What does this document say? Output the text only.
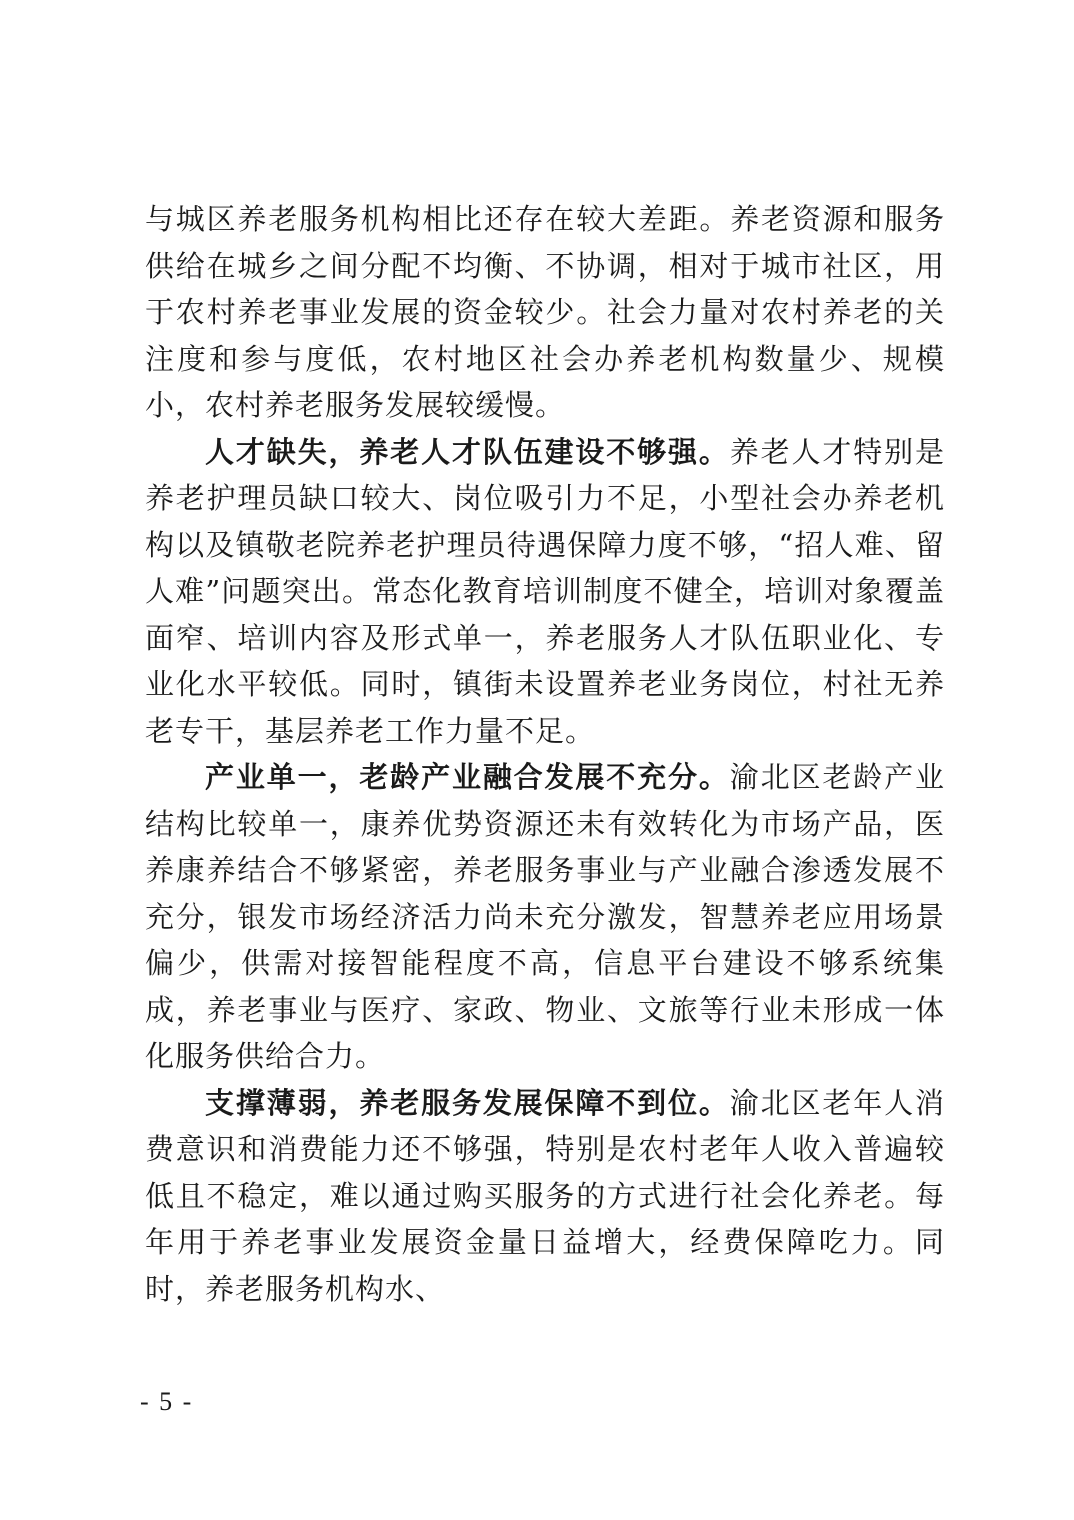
与城区养老服务机构相比还存在较大差距。养老资源和服务供给在城乡之间分配不均衡、不协调，相对于城市社区，用于农村养老事业发展的资金较少。社会力量对农村养老的关注度和参与度低，农村地区社会办养老机构数量少、规模小，农村养老服务发展较缓慢。

人才缺失，养老人才队伍建设不够强。养老人才特别是养老护理员缺口较大、岗位吸引力不足，小型社会办养老机构以及镇敬老院养老护理员待遇保障力度不够，“招人难、留人难”问题突出。常态化教育培训制度不健全，培训对象覆盖面窄、培训内容及形式单一，养老服务人才队伍职业化、专业化水平较低。同时，镇街未设置养老业务岗位，村社无养老专干，基层养老工作力量不足。

产业单一，老龄产业融合发展不充分。渝北区老龄产业结构比较单一，康养优势资源还未有效转化为市场产品，医养康养结合不够紧密，养老服务事业与产业融合渗透发展不充分，银发市场经济活力尚未充分激发，智慧养老应用场景偏少，供需对接智能程度不高，信息平台建设不够系统集成，养老事业与医疗、家政、物业、文旅等行业未形成一体化服务供给合力。

支撑薄弱，养老服务发展保障不到位。渝北区老年人消费意识和消费能力还不够强，特别是农村老年人收入普遍较低且不稳定，难以通过购买服务的方式进行社会化养老。每年用于养老事业发展资金量日益增大，经费保障吃力。同时，养老服务机构水、

- 5 -
